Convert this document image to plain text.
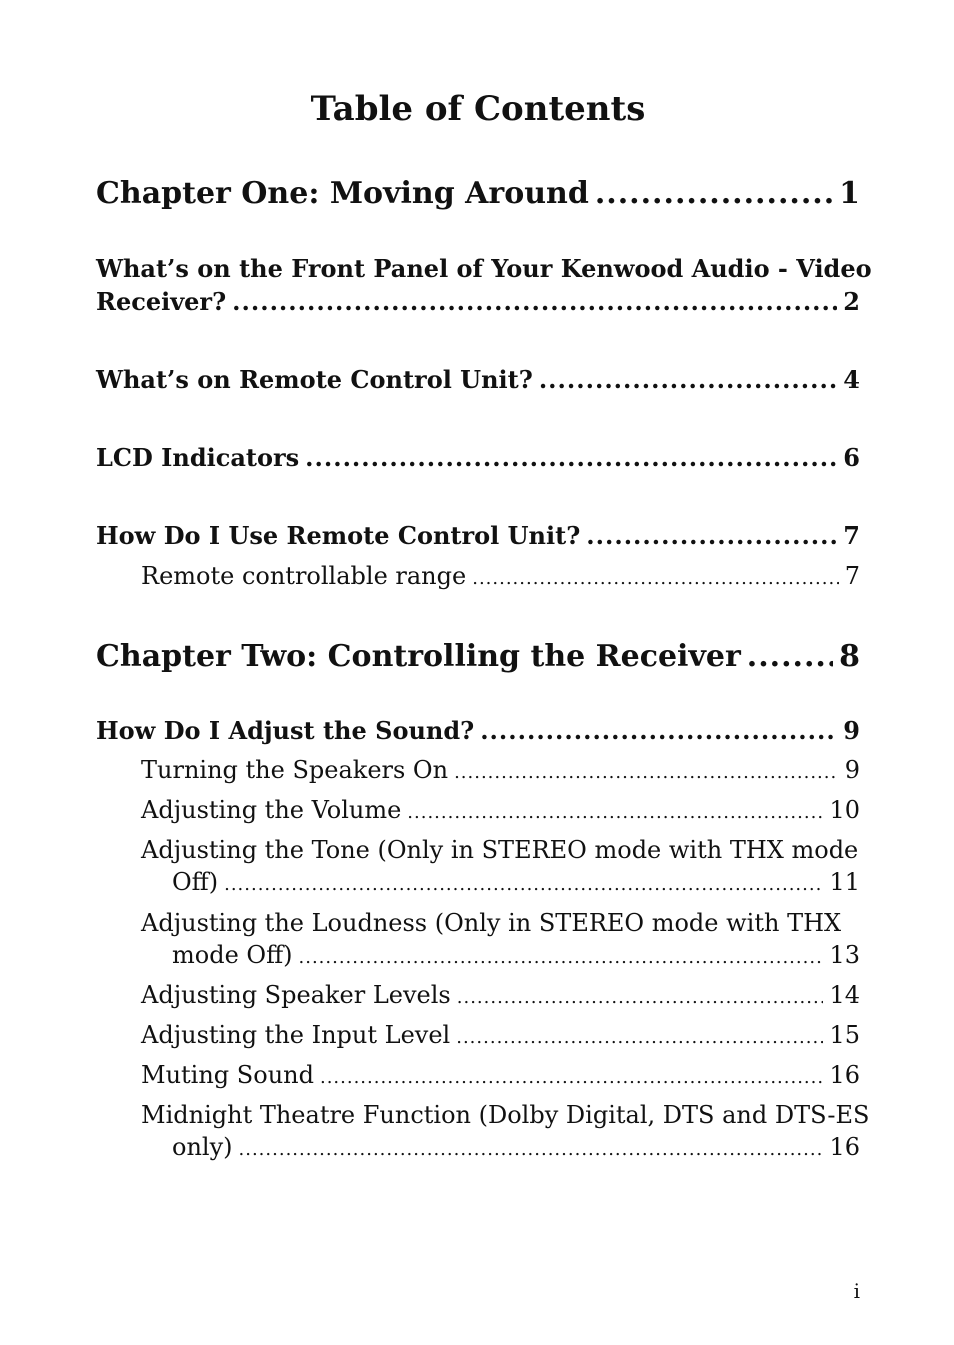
Table of Contents
Chapter One: Moving Around .....	1
What’s on the Front Panel of Your Kenwood Audio - Video
Receiver? .....	2
What’s on Remote Control Unit? .....	4
LCD Indicators .....	6
How Do I Use Remote Control Unit? .....	7
Remote controllable range .....	7
Chapter Two: Controlling the Receiver .....	8
How Do I Adjust the Sound? .....	9
Turning the Speakers On .....	9
Adjusting the Volume .....	10
Adjusting the Tone (Only in STEREO mode with THX mode
Off) .....	11
Adjusting the Loudness (Only in STEREO mode with THX
mode Off) .....	13
Adjusting Speaker Levels .....	14
Adjusting the Input Level .....	15
Muting Sound .....	16
Midnight Theatre Function (Dolby Digital, DTS and DTS-ES
only) .....	16
i
